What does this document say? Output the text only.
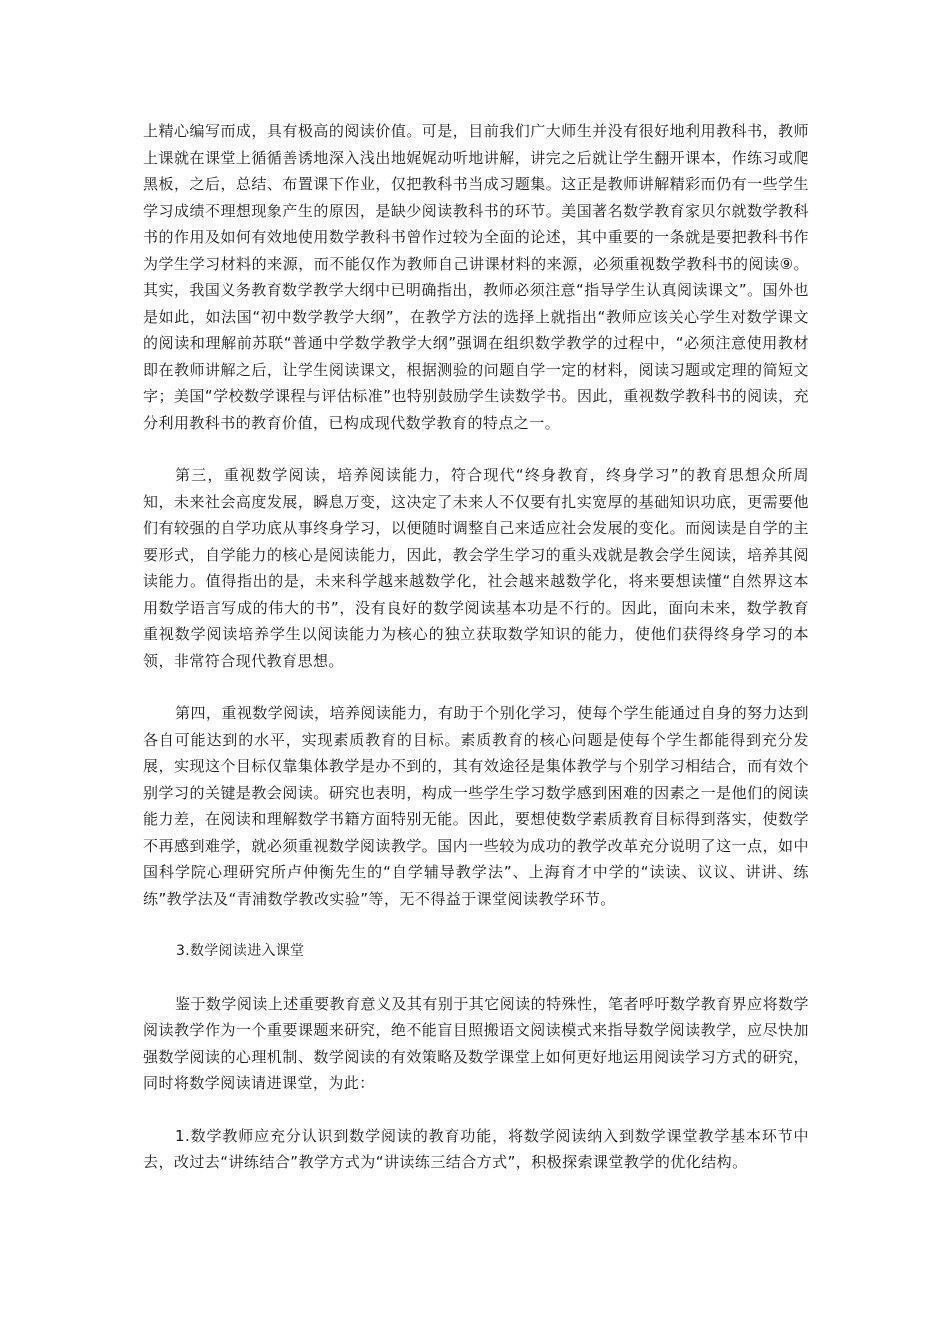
上精心编写而成，具有极高的阅读价值。可是，目前我们广大师生并没有很好地利用教科书，教师上课就在课堂上循循善诱地深入浅出地娓娓动听地讲解，讲完之后就让学生翻开课本，作练习或爬黑板，之后，总结、布置课下作业，仅把教科书当成习题集。这正是教师讲解精彩而仍有一些学生学习成绩不理想现象产生的原因，是缺少阅读教科书的环节。美国著名数学教育家贝尔就数学教科书的作用及如何有效地使用数学教科书曾作过较为全面的论述，其中重要的一条就是要把教科书作为学生学习材料的来源，而不能仅作为教师自己讲课材料的来源，必须重视数学教科书的阅读⑨。其实，我国义务教育数学教学大纲中已明确指出，教师必须注意“指导学生认真阅读课文”。国外也是如此，如法国“初中数学教学大纲”，在教学方法的选择上就指出“教师应该关心学生对数学课文的阅读和理解前苏联“普通中学数学教学大纲”强调在组织数学教学的过程中，“必须注意使用教材即在教师讲解之后，让学生阅读课文，根据测验的问题自学一定的材料，阅读习题或定理的简短文字；美国“学校数学课程与评估标准”也特别鼓励学生读数学书。因此，重视数学教科书的阅读，充分利用教科书的教育价值，已构成现代数学教育的特点之一。

第三，重视数学阅读，培养阅读能力，符合现代“终身教育，终身学习”的教育思想众所周知，未来社会高度发展，瞬息万变，这决定了未来人不仅要有扎实宽厚的基础知识功底，更需要他们有较强的自学功底从事终身学习，以便随时调整自己来适应社会发展的变化。而阅读是自学的主要形式，自学能力的核心是阅读能力，因此，教会学生学习的重头戏就是教会学生阅读，培养其阅读能力。值得指出的是，未来科学越来越数学化，社会越来越数学化，将来要想读懂“自然界这本用数学语言写成的伟大的书”，没有良好的数学阅读基本功是不行的。因此，面向未来，数学教育重视数学阅读培养学生以阅读能力为核心的独立获取数学知识的能力，使他们获得终身学习的本领，非常符合现代教育思想。

第四，重视数学阅读，培养阅读能力，有助于个别化学习，使每个学生能通过自身的努力达到各自可能达到的水平，实现素质教育的目标。素质教育的核心问题是使每个学生都能得到充分发展，实现这个目标仅靠集体教学是办不到的，其有效途径是集体教学与个别学习相结合，而有效个别学习的关键是教会阅读。研究也表明，构成一些学生学习数学感到困难的因素之一是他们的阅读能力差，在阅读和理解数学书籍方面特别无能。因此，要想使数学素质教育目标得到落实，使数学不再感到难学，就必须重视数学阅读教学。国内一些较为成功的教学改革充分说明了这一点，如中国科学院心理研究所卢仲衡先生的“自学辅导教学法”、上海育才中学的“读读、议议、讲讲、练练”教学法及“青浦数学教改实验”等，无不得益于课堂阅读教学环节。

3.数学阅读进入课堂

鉴于数学阅读上述重要教育意义及其有别于其它阅读的特殊性，笔者呼吁数学教育界应将数学阅读教学作为一个重要课题来研究，绝不能盲目照搬语文阅读模式来指导数学阅读教学，应尽快加强数学阅读的心理机制、数学阅读的有效策略及数学课堂上如何更好地运用阅读学习方式的研究，同时将数学阅读请进课堂，为此：

1.数学教师应充分认识到数学阅读的教育功能，将数学阅读纳入到数学课堂教学基本环节中去，改过去“讲练结合”教学方式为“讲读练三结合方式”，积极探索课堂教学的优化结构。
